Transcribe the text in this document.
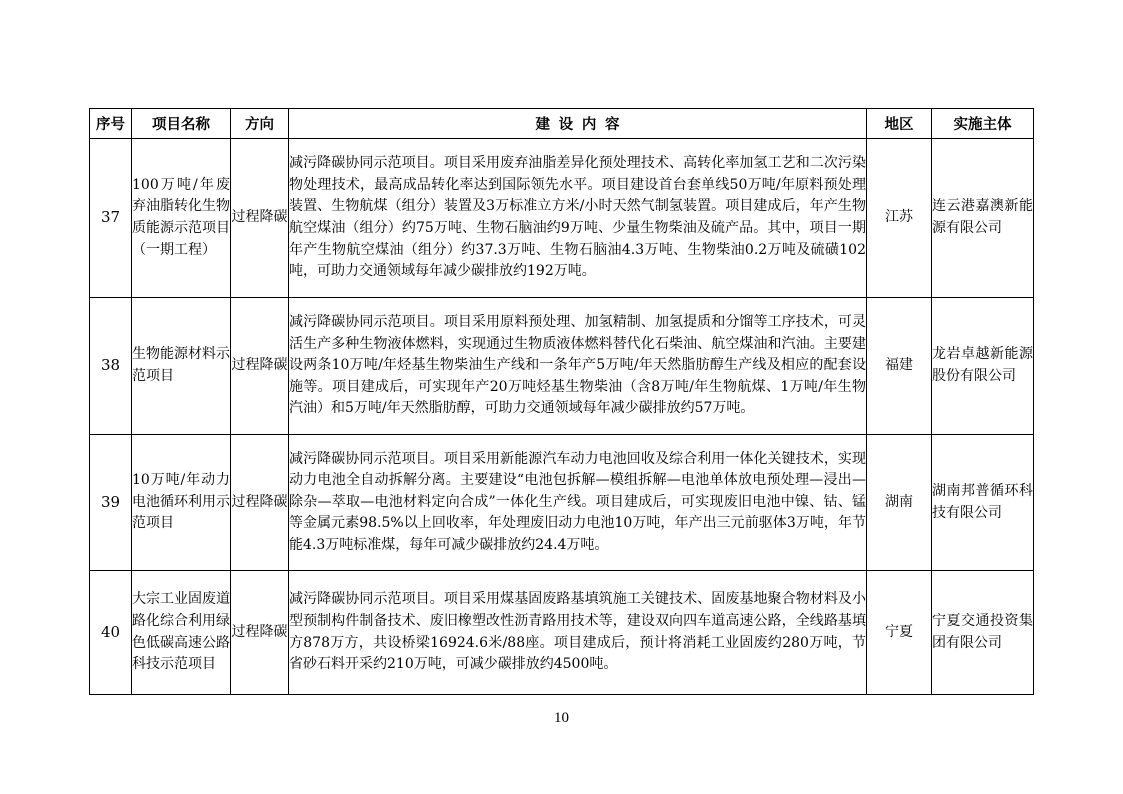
序号	项目名称	方向	建设内容	地区	实施主体
37	100万吨/年废弃油脂转化生物质能源示范项目（一期工程）	过程降碳	减污降碳协同示范项目。项目采用废弃油脂差异化预处理技术、高转化率加氢工艺和二次污染物处理技术，最高成品转化率达到国际领先水平。项目建设首台套单线50万吨/年原料预处理装置、生物航煤（组分）装置及3万标准立方米/小时天然气制氢装置。项目建成后，年产生物航空煤油（组分）约75万吨、生物石脑油约9万吨、少量生物柴油及硫产品。其中，项目一期年产生物航空煤油（组分）约37.3万吨、生物石脑油4.3万吨、生物柴油0.2万吨及硫磺102吨，可助力交通领域每年减少碳排放约192万吨。	江苏	连云港嘉澳新能源有限公司
38	生物能源材料示范项目	过程降碳	减污降碳协同示范项目。项目采用原料预处理、加氢精制、加氢提质和分馏等工序技术，可灵活生产多种生物液体燃料，实现通过生物质液体燃料替代化石柴油、航空煤油和汽油。主要建设两条10万吨/年烃基生物柴油生产线和一条年产5万吨/年天然脂肪醇生产线及相应的配套设施等。项目建成后，可实现年产20万吨烃基生物柴油（含8万吨/年生物航煤、1万吨/年生物汽油）和5万吨/年天然脂肪醇，可助力交通领域每年减少碳排放约57万吨。	福建	龙岩卓越新能源股份有限公司
39	10万吨/年动力电池循环利用示范项目	过程降碳	减污降碳协同示范项目。项目采用新能源汽车动力电池回收及综合利用一体化关键技术，实现动力电池全自动拆解分离。主要建设“电池包拆解—模组拆解—电池单体放电预处理—浸出—除杂—萃取—电池材料定向合成”一体化生产线。项目建成后，可实现废旧电池中镍、钴、锰等金属元素98.5%以上回收率，年处理废旧动力电池10万吨，年产出三元前驱体3万吨，年节能4.3万吨标准煤，每年可减少碳排放约24.4万吨。	湖南	湖南邦普循环科技有限公司
40	大宗工业固废道路化综合利用绿色低碳高速公路科技示范项目	过程降碳	减污降碳协同示范项目。项目采用煤基固废路基填筑施工关键技术、固废基地聚合物材料及小型预制构件制备技术、废旧橡塑改性沥青路用技术等，建设双向四车道高速公路，全线路基填方878万方，共设桥梁16924.6米/88座。项目建成后，预计将消耗工业固废约280万吨，节省砂石料开采约210万吨，可减少碳排放约4500吨。	宁夏	宁夏交通投资集团有限公司
10
